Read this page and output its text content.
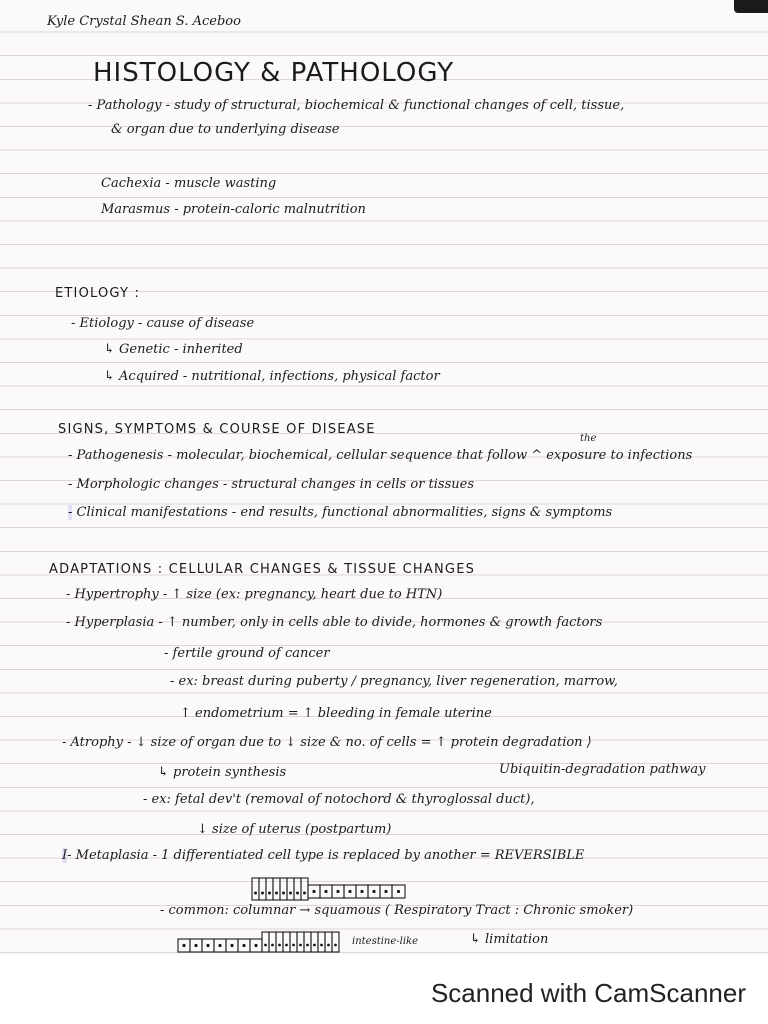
Kyle Crystal Shean S. Aceboo
HISTOLOGY & PATHOLOGY
- Pathology - study of structural, biochemical & functional changes of cell, tissue,
& organ due to underlying disease
Cachexia - muscle wasting
Marasmus - protein-caloric malnutrition
ETIOLOGY :
- Etiology - cause of disease
↳ Genetic - inherited
↳ Acquired - nutritional, infections, physical factor
SIGNS, SYMPTOMS & COURSE OF DISEASE
the
- Pathogenesis - molecular, biochemical, cellular sequence that follow ^ exposure to infections
- Morphologic changes - structural changes in cells or tissues
- Clinical manifestations - end results, functional abnormalities, signs & symptoms
ADAPTATIONS : CELLULAR CHANGES & TISSUE CHANGES
- Hypertrophy - ↑ size (ex: pregnancy, heart due to HTN)
- Hyperplasia - ↑ number, only in cells able to divide, hormones & growth factors
- fertile ground of cancer
- ex: breast during puberty / pregnancy, liver regeneration, marrow,
↑ endometrium = ↑ bleeding in female uterine
- Atrophy - ↓ size of organ due to ↓ size & no. of cells = ↑ protein degradation ⟩
↳ protein synthesis	Ubiquitin-degradation pathway
- ex: fetal dev't (removal of notochord & thyroglossal duct),
↓ size of uterus (postpartum)
I- Metaplasia - 1 differentiated cell type is replaced by another = REVERSIBLE
- common: columnar → squamous ( Respiratory Tract : Chronic smoker)
intestine-like	↳ limitation
Scanned with CamScanner
